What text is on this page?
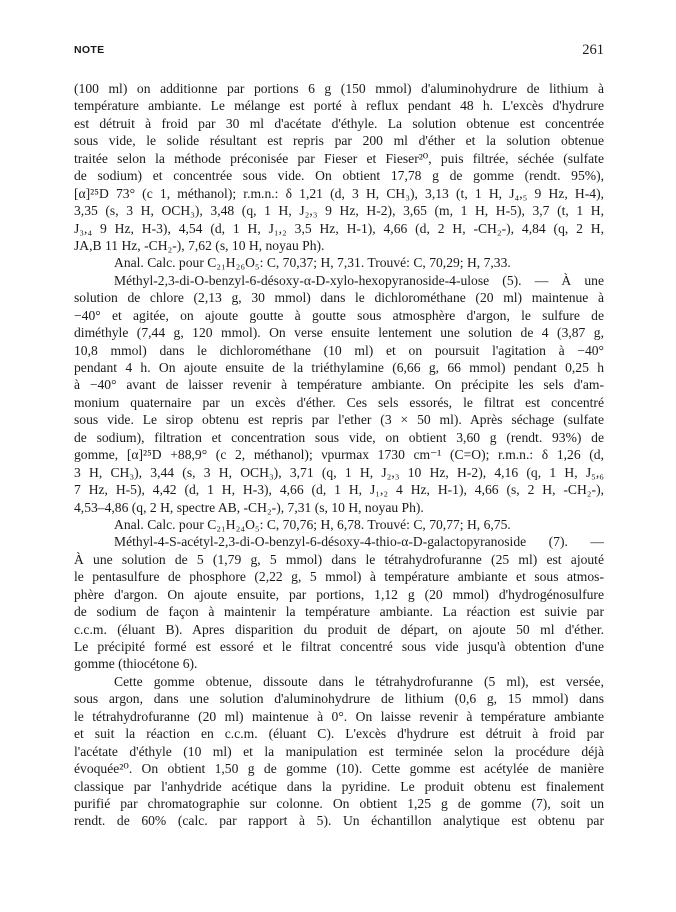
NOTE	261
(100 ml) on additionne par portions 6 g (150 mmol) d'aluminohydrure de lithium à
température ambiante. Le mélange est porté à reflux pendant 48 h. L'excès d'hydrure
est détruit à froid par 30 ml d'acétate d'éthyle. La solution obtenue est concentrée
sous vide, le solide résultant est repris par 200 ml d'éther et la solution obtenue
traitée selon la méthode préconisée par Fieser et Fieser²⁰, puis filtrée, séchée (sulfate
de sodium) et concentrée sous vide. On obtient 17,78 g de gomme (rendt. 95%),
[α]²⁵D 73° (c 1, méthanol); r.m.n.: δ 1,21 (d, 3 H, CH₃), 3,13 (t, 1 H, J₄,₅ 9 Hz, H-4),
3,35 (s, 3 H, OCH₃), 3,48 (q, 1 H, J₂,₃ 9 Hz, H-2), 3,65 (m, 1 H, H-5), 3,7 (t, 1 H,
J₃,₄ 9 Hz, H-3), 4,54 (d, 1 H, J₁,₂ 3,5 Hz, H-1), 4,66 (d, 2 H, -CH₂-), 4,84 (q, 2 H,
JA,B 11 Hz, -CH₂-), 7,62 (s, 10 H, noyau Ph).
Anal. Calc. pour C₂₁H₂₆O₅: C, 70,37; H, 7,31. Trouvé: C, 70,29; H, 7,33.
Méthyl-2,3-di-O-benzyl-6-désoxy-α-D-xylo-hexopyranoside-4-ulose (5). — À une
solution de chlore (2,13 g, 30 mmol) dans le dichlorométhane (20 ml) maintenue à
−40° et agitée, on ajoute goutte à goutte sous atmosphère d'argon, le sulfure de
diméthyle (7,44 g, 120 mmol). On verse ensuite lentement une solution de 4 (3,87 g,
10,8 mmol) dans le dichlorométhane (10 ml) et on poursuit l'agitation à −40°
pendant 4 h. On ajoute ensuite de la triéthylamine (6,66 g, 66 mmol) pendant 0,25 h
à −40° avant de laisser revenir à température ambiante. On précipite les sels d'am-
monium quaternaire par un excès d'éther. Ces sels essorés, le filtrat est concentré
sous vide. Le sirop obtenu est repris par l'ether (3 × 50 ml). Après séchage (sulfate
de sodium), filtration et concentration sous vide, on obtient 3,60 g (rendt. 93%) de
gomme, [α]²⁵D +88,9° (c 2, méthanol); νpurmax 1730 cm⁻¹ (C=O); r.m.n.: δ 1,26 (d,
3 H, CH₃), 3,44 (s, 3 H, OCH₃), 3,71 (q, 1 H, J₂,₃ 10 Hz, H-2), 4,16 (q, 1 H, J₅,₆
7 Hz, H-5), 4,42 (d, 1 H, H-3), 4,66 (d, 1 H, J₁,₂ 4 Hz, H-1), 4,66 (s, 2 H, -CH₂-),
4,53–4,86 (q, 2 H, spectre AB, -CH₂-), 7,31 (s, 10 H, noyau Ph).
Anal. Calc. pour C₂₁H₂₄O₅: C, 70,76; H, 6,78. Trouvé: C, 70,77; H, 6,75.
Méthyl-4-S-acétyl-2,3-di-O-benzyl-6-désoxy-4-thio-α-D-galactopyranoside (7). —
À une solution de 5 (1,79 g, 5 mmol) dans le tétrahydrofuranne (25 ml) est ajouté
le pentasulfure de phosphore (2,22 g, 5 mmol) à température ambiante et sous atmos-
phère d'argon. On ajoute ensuite, par portions, 1,12 g (20 mmol) d'hydrogénosulfure
de sodium de façon à maintenir la température ambiante. La réaction est suivie par
c.c.m. (éluant B). Apres disparition du produit de départ, on ajoute 50 ml d'éther.
Le précipité formé est essoré et le filtrat concentré sous vide jusqu'à obtention d'une
gomme (thiocétone 6).
Cette gomme obtenue, dissoute dans le tétrahydrofuranne (5 ml), est versée,
sous argon, dans une solution d'aluminohydrure de lithium (0,6 g, 15 mmol) dans
le tétrahydrofuranne (20 ml) maintenue à 0°. On laisse revenir à température ambiante
et suit la réaction en c.c.m. (éluant C). L'excès d'hydrure est détruit à froid par
l'acétate d'éthyle (10 ml) et la manipulation est terminée selon la procédure déjà
évoquée²⁰. On obtient 1,50 g de gomme (10). Cette gomme est acétylée de manière
classique par l'anhydride acétique dans la pyridine. Le produit obtenu est finalement
purifié par chromatographie sur colonne. On obtient 1,25 g de gomme (7), soit un
rendt. de 60% (calc. par rapport à 5). Un échantillon analytique est obtenu par
